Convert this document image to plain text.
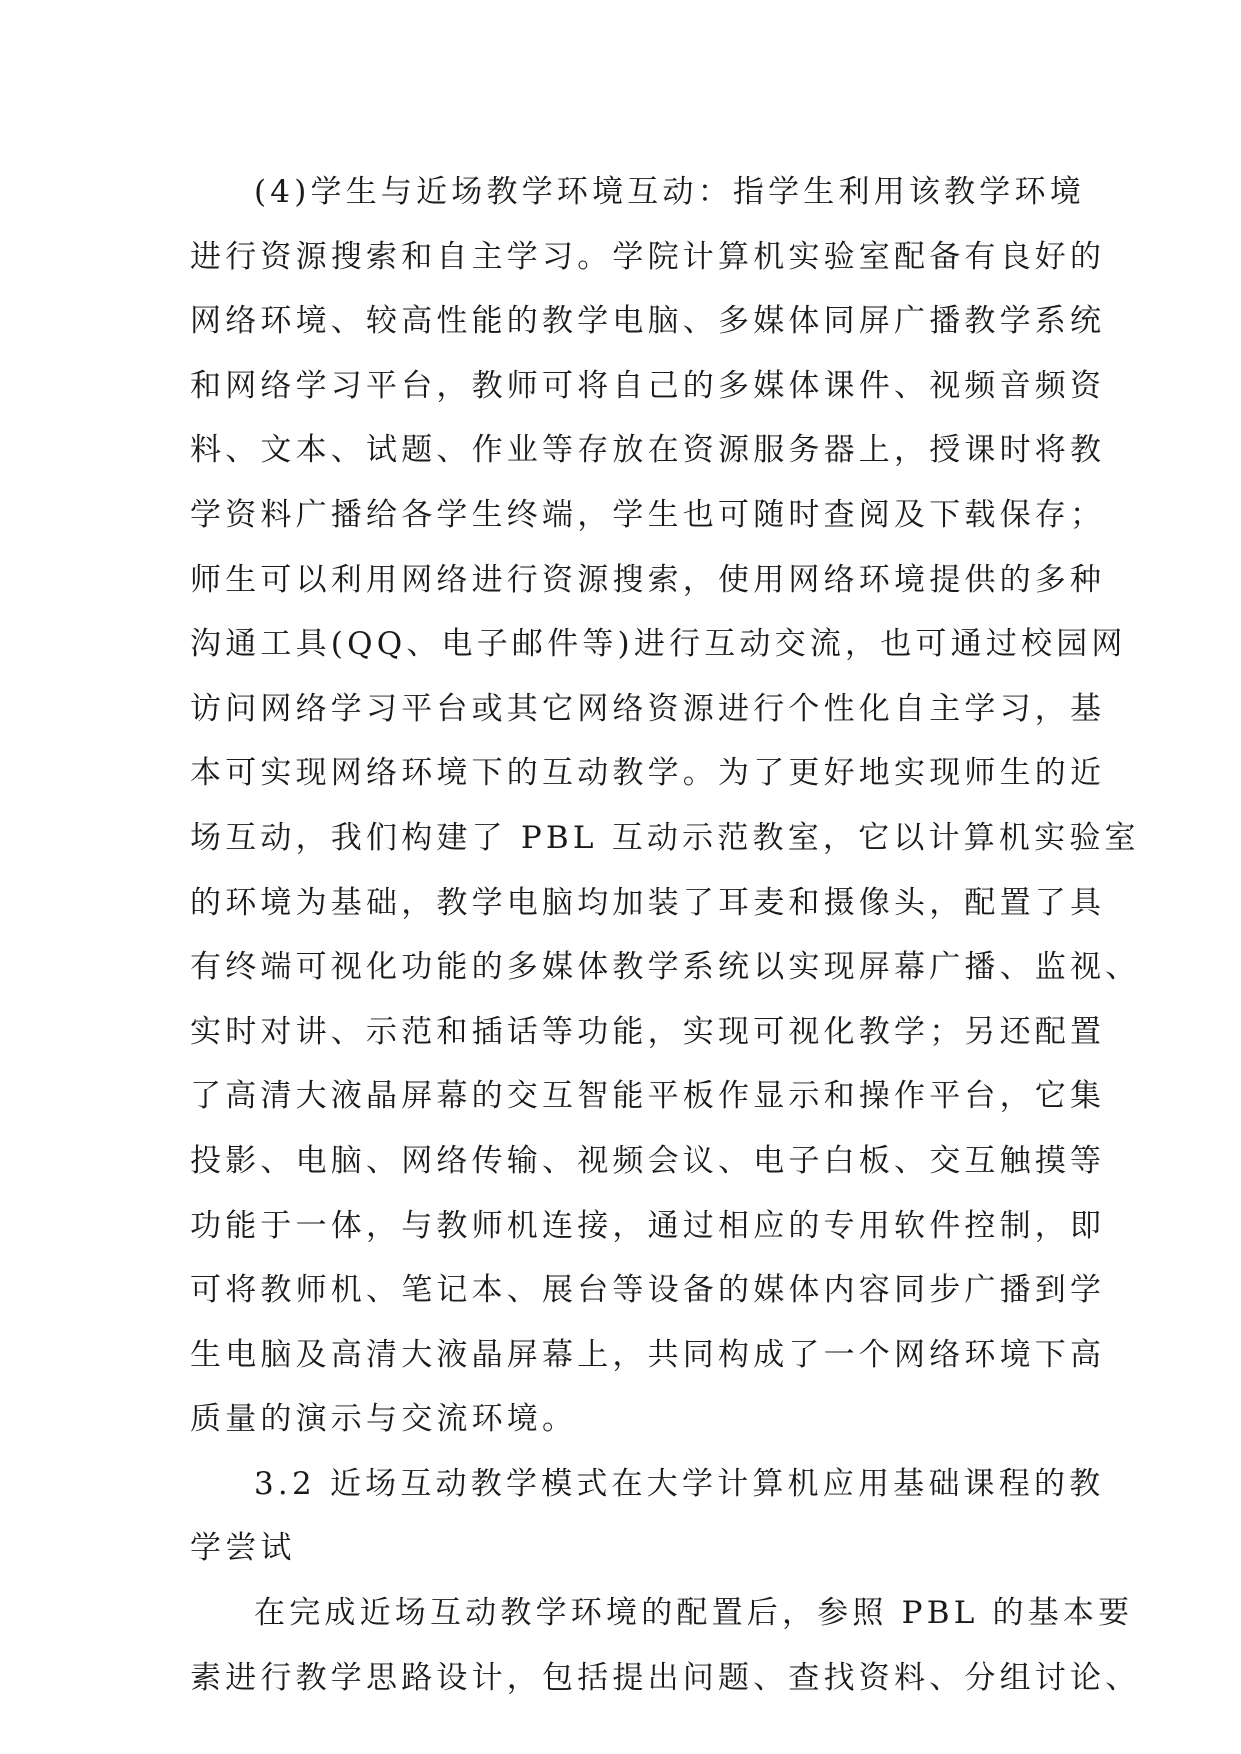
(4)学生与近场教学环境互动：指学生利用该教学环境
进行资源搜索和自主学习。学院计算机实验室配备有良好的
网络环境、较高性能的教学电脑、多媒体同屏广播教学系统
和网络学习平台，教师可将自己的多媒体课件、视频音频资
料、文本、试题、作业等存放在资源服务器上，授课时将教
学资料广播给各学生终端，学生也可随时查阅及下载保存；
师生可以利用网络进行资源搜索，使用网络环境提供的多种
沟通工具(QQ、电子邮件等)进行互动交流，也可通过校园网
访问网络学习平台或其它网络资源进行个性化自主学习，基
本可实现网络环境下的互动教学。为了更好地实现师生的近
场互动，我们构建了 PBL 互动示范教室，它以计算机实验室
的环境为基础，教学电脑均加装了耳麦和摄像头，配置了具
有终端可视化功能的多媒体教学系统以实现屏幕广播、监视、
实时对讲、示范和插话等功能，实现可视化教学；另还配置
了高清大液晶屏幕的交互智能平板作显示和操作平台，它集
投影、电脑、网络传输、视频会议、电子白板、交互触摸等
功能于一体，与教师机连接，通过相应的专用软件控制，即
可将教师机、笔记本、展台等设备的媒体内容同步广播到学
生电脑及高清大液晶屏幕上，共同构成了一个网络环境下高
质量的演示与交流环境。
3.2 近场互动教学模式在大学计算机应用基础课程的教
学尝试
在完成近场互动教学环境的配置后，参照 PBL 的基本要
素进行教学思路设计，包括提出问题、查找资料、分组讨论、
